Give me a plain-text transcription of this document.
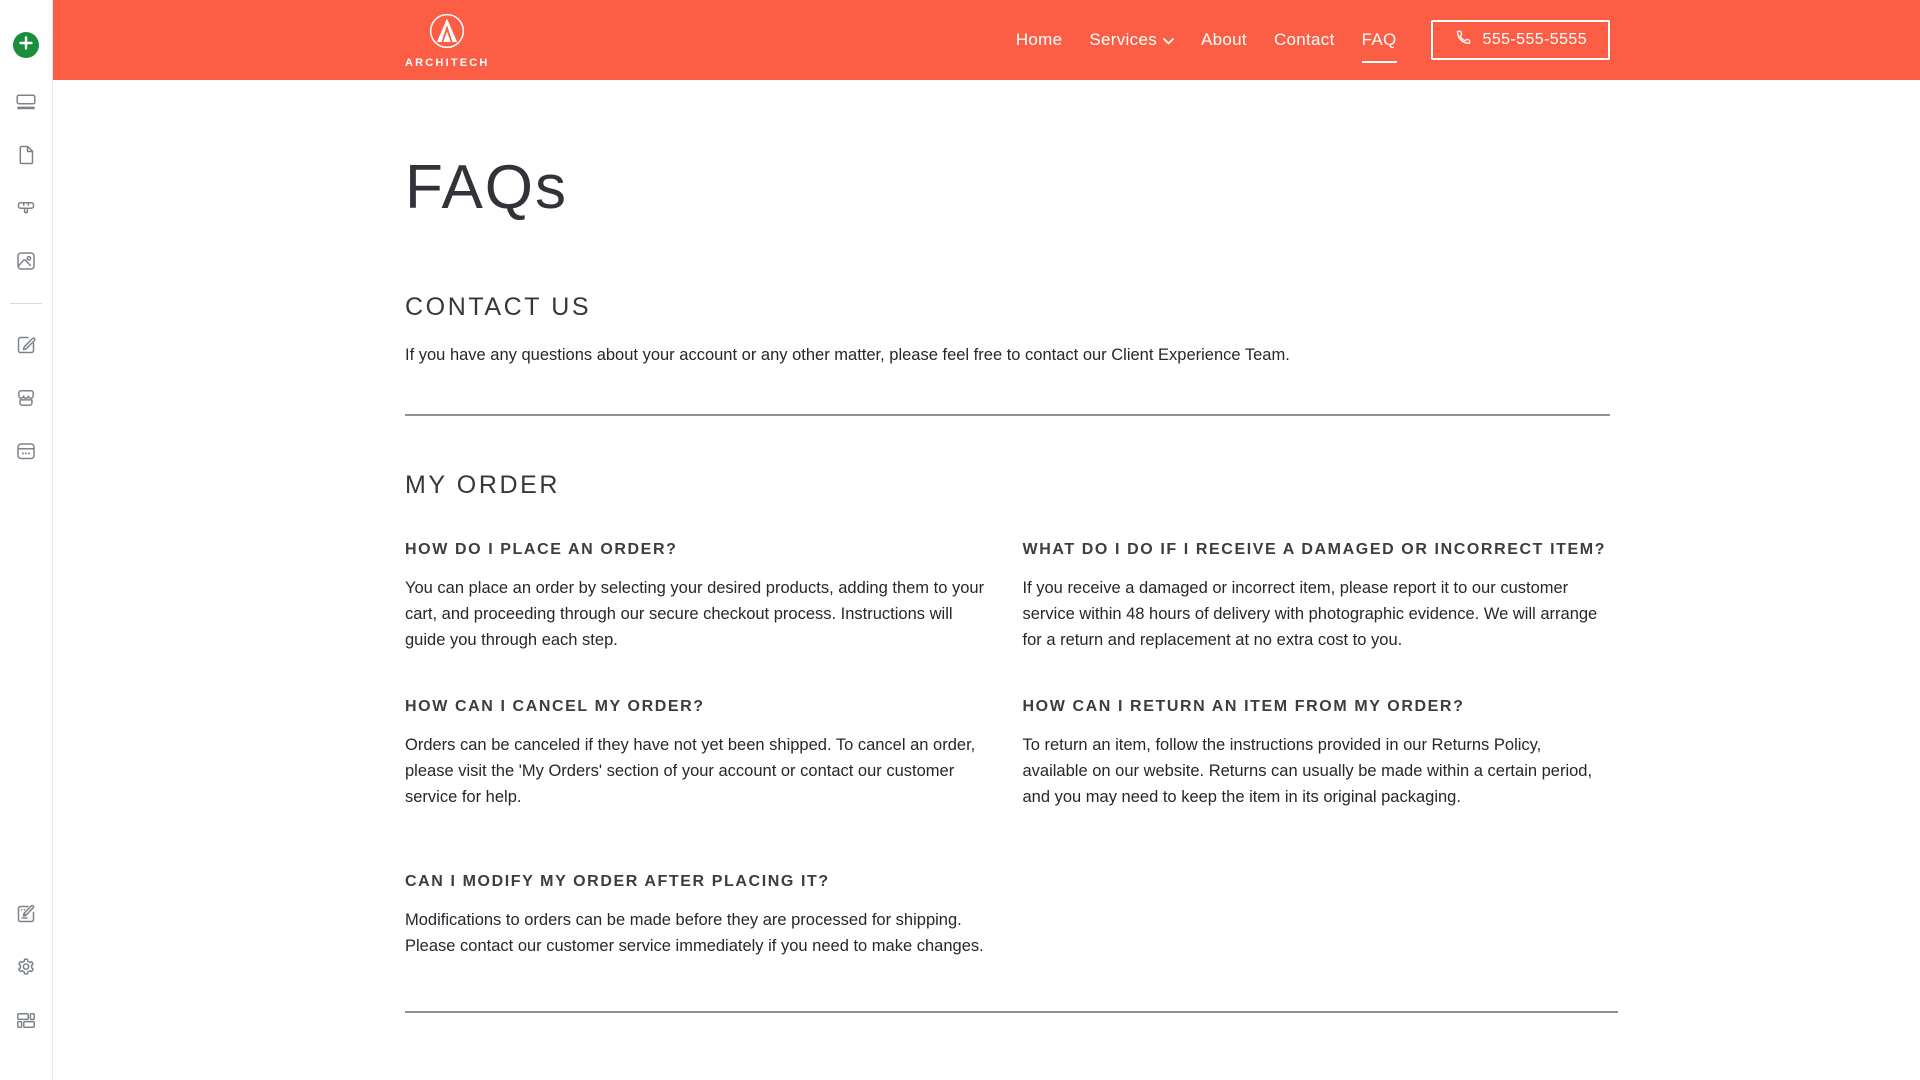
ARCHITECH
Home Services	About Contact FAQ	555-555-5555
FAQs
CONTACT US

If you have any questions about your account or any other matter, please feel free to contact our Client Experience Team.

MY ORDER
HOW DO I PLACE AN ORDER?

You can place an order by selecting your desired products, adding them to your cart, and proceeding through our secure checkout process. Instructions will guide you through each step.

WHAT DO I DO IF I RECEIVE A DAMAGED OR INCORRECT ITEM?

If you receive a damaged or incorrect item, please report it to our customer service within 48 hours of delivery with photographic evidence. We will arrange for a return and replacement at no extra cost to you.

HOW CAN I CANCEL MY ORDER?

Orders can be canceled if they have not yet been shipped. To cancel an order, please visit the 'My Orders' section of your account or contact our customer service for help.

HOW CAN I RETURN AN ITEM FROM MY ORDER?

To return an item, follow the instructions provided in our Returns Policy, available on our website. Returns can usually be made within a certain period, and you may need to keep the item in its original packaging.

CAN I MODIFY MY ORDER AFTER PLACING IT?

Modifications to orders can be made before they are processed for shipping. Please contact our customer service immediately if you need to make changes.
